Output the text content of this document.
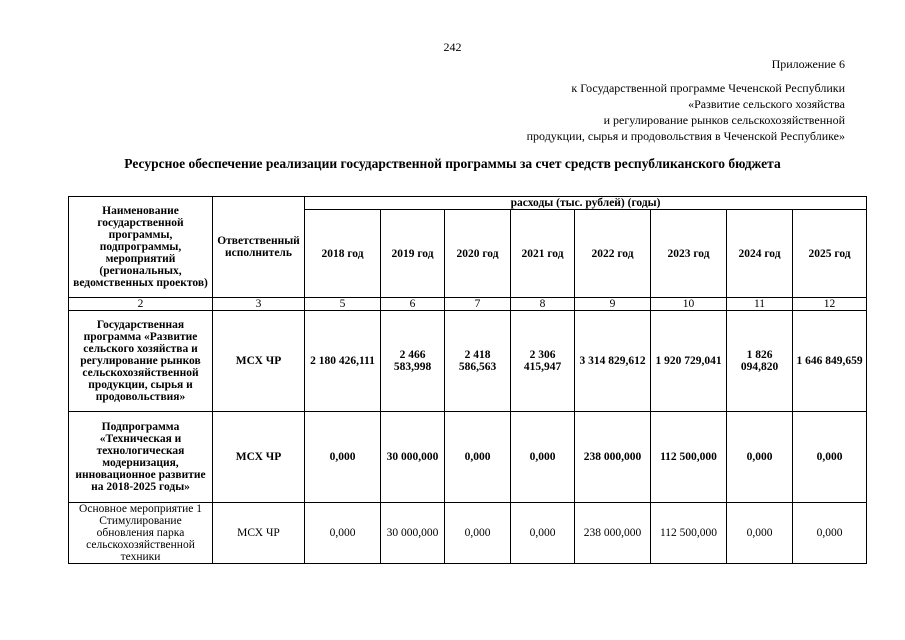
242
Приложение 6
к Государственной программе Чеченской Республики
«Развитие сельского хозяйства
и регулирование рынков сельскохозяйственной
продукции, сырья и продовольствия в Чеченской Республике»
Ресурсное обеспечение реализации государственной программы за счет средств республиканского бюджета
Наименование государственной программы, подпрограммы, мероприятий (региональных, ведомственных проектов)	Ответственный исполнитель	расходы (тыс. рублей) (годы)							
		2018 год	2019 год	2020 год	2021 год	2022 год	2023 год	2024 год	2025 год
2	3	5	6	7	8	9	10	11	12
Государственная программа «Развитие сельского хозяйства и регулирование рынков сельскохозяйственной продукции, сырья и продовольствия»	МСХ ЧР	2 180 426,111	2 466 583,998	2 418 586,563	2 306 415,947	3 314 829,612	1 920 729,041	1 826 094,820	1 646 849,659
Подпрограмма «Техническая и технологическая модернизация, инновационное развитие на 2018-2025 годы»	МСХ ЧР	0,000	30 000,000	0,000	0,000	238 000,000	112 500,000	0,000	0,000
Основное мероприятие 1 Стимулирование обновления парка сельскохозяйственной техники	МСХ ЧР	0,000	30 000,000	0,000	0,000	238 000,000	112 500,000	0,000	0,000
